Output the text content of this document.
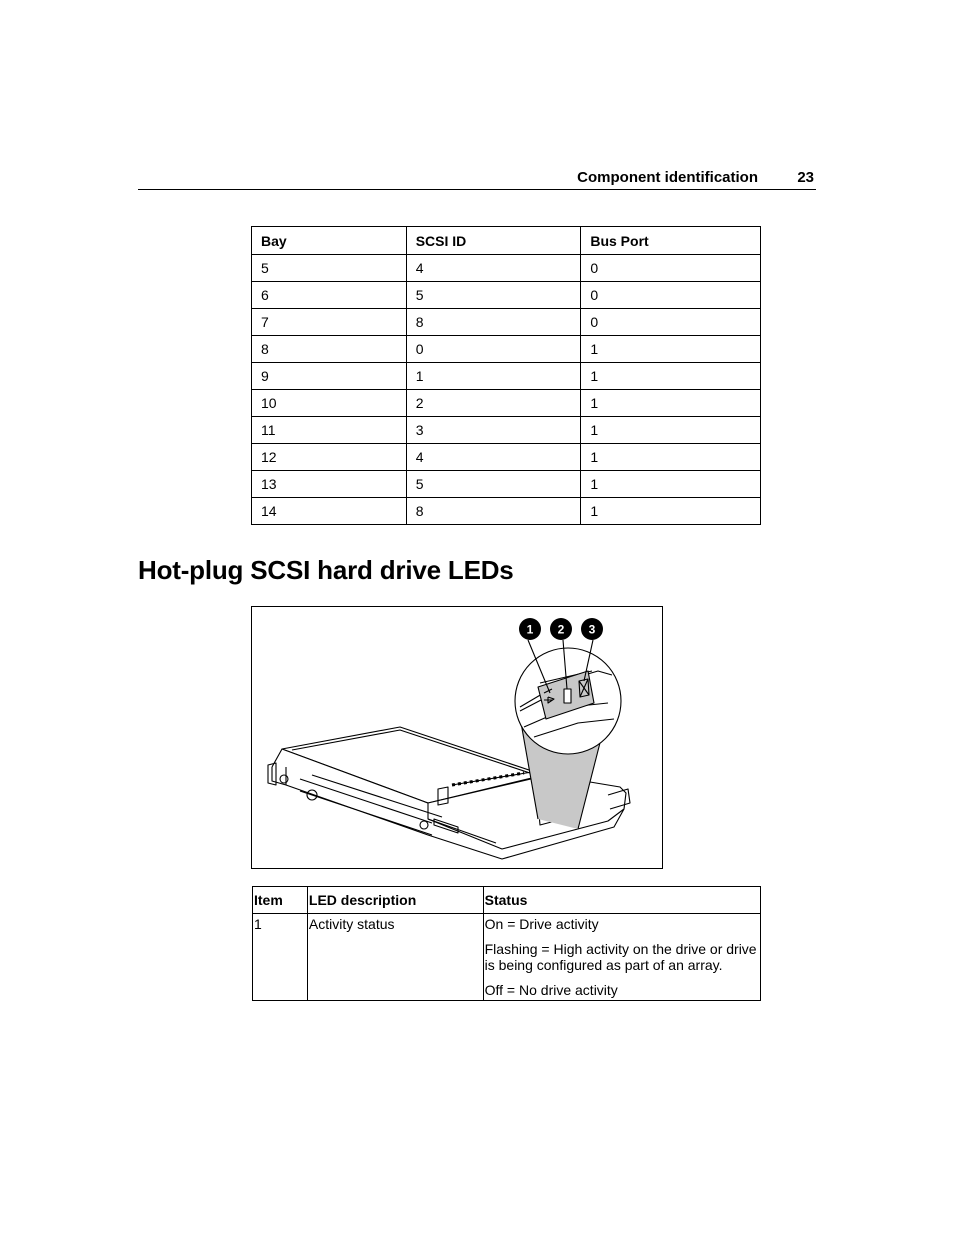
Component identification	23
Bay	SCSI ID	Bus Port
5	4	0
6	5	0
7	8	0
8	0	1
9	1	1
10	2	1
11	3	1
12	4	1
13	5	1
14	8	1
Hot-plug SCSI hard drive LEDs
1 2 3
Item	LED description	Status
1	Activity status	On = Drive activity

Flashing = High activity on the drive or drive is being configured as part of an array.

Off = No drive activity
